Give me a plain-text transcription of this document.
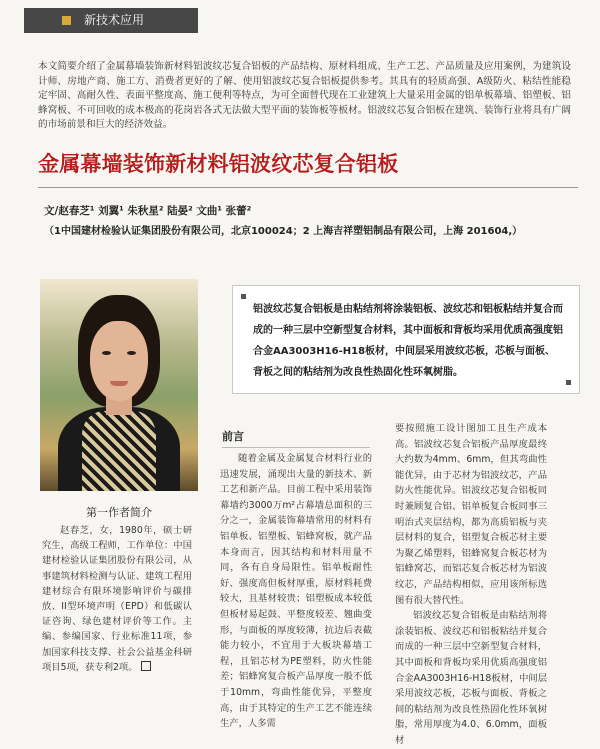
新技术应用
本文简要介绍了金属幕墙装饰新材料铝波纹芯复合铝板的产品结构、原材料组成、生产工艺、产品质量及应用案例，为建筑设计师、房地产商、施工方、消费者更好的了解、使用铝波纹芯复合铝板提供参考。其具有的轻质高强、A级防火、粘结性能稳定牢固、高耐久性、表面平整度高、施工便利等特点，为可全面替代现在工业建筑上大量采用金属的铝单板幕墙、铝塑板、铝蜂窝板、不可回收的成本极高的花岗岩各式无法做大型平面的装饰板等板材。铝波纹芯复合铝板在建筑、装饰行业将具有广阔的市场前景和巨大的经济效益。
金属幕墙装饰新材料铝波纹芯复合铝板
文/赵春芝¹ 刘翼¹ 朱秋星² 陆晏² 文曲¹ 张蕾²
（1中国建材检验认证集团股份有限公司，北京100024；2 上海吉祥塑铝制品有限公司，上海 201604,）
第一作者简介
赵春芝，女，1980年，硕士研究生，高级工程师，工作单位：中国建材检验认证集团股份有限公司，从事建筑材料检测与认证、建筑工程用建材综合有限环境影响评价与碳排放、II型环境声明（EPD）和低碳认证咨询、绿色建材评价等工作。主编、参编国家、行业标准11项，参加国家科技支撑、社会公益基金科研项目5项，获专利2项。
铝波纹芯复合铝板是由粘结剂将涂装铝板、波纹芯和铝板粘结并复合而成的一种三层中空新型复合材料，其中面板和背板均采用优质高强度铝合金AA3003H16-H18板材，中间层采用波纹芯板，芯板与面板、背板之间的粘结剂为改良性热固化性环氧树脂。
前言
随着金属及金属复合材料行业的迅速发展，涌现出大量的新技术、新工艺和新产品。目前工程中采用装饰幕墙约3000万m²占幕墙总面积的三分之一，金属装饰幕墙常用的材料有铝单板、铝塑板、铝蜂窝板，就产品本身而言，因其结构和材料用量不同，各有自身局限性。铝单板耐性好、强度高但板材厚重，原材料耗费较大，且基材较贵；铝塑板成本较低但板材易起鼓、平整度较差、翘曲变形，与面板的厚度较薄，抗边后表截能力较小，不宜用于大板块幕墙工程，且铝芯材为PE塑料，防火性能差；铝蜂窝复合板产品厚度一般不低于10mm，弯曲性能优异，平整度高，由于其特定的生产工艺不能连续生产，人多需

要按照施工设计图加工且生产成本高。铝波纹芯复合铝板产品厚度最终大约数为4mm、6mm，但其弯曲性能优异，由于芯材为铝波纹芯，产品防火性能优异。铝波纹芯复合铝板同时兼顾复合铝、铝单板复合板同事三明治式夹层结构，都为高质铝板与夹层材料的复合，铝塑复合板芯材主要为聚乙烯塑料，铝蜂窝复合板芯材为铝蜂窝芯，而铝芯复合板芯材为铝波纹芯，产品结构相似，应用该所标选图有很大替代性。

铝波纹芯复合铝板是由粘结剂将涂装铝板、波纹芯和铝板粘结并复合而成的一种三层中空新型复合材料，其中面板和背板均采用优质高强度铝合金AA3003H16-H18板材，中间层采用波纹芯板，芯板与面板、背板之间的粘结剂为改良性热固化性环氧树脂，常用厚度为4.0、6.0mm，面板材
